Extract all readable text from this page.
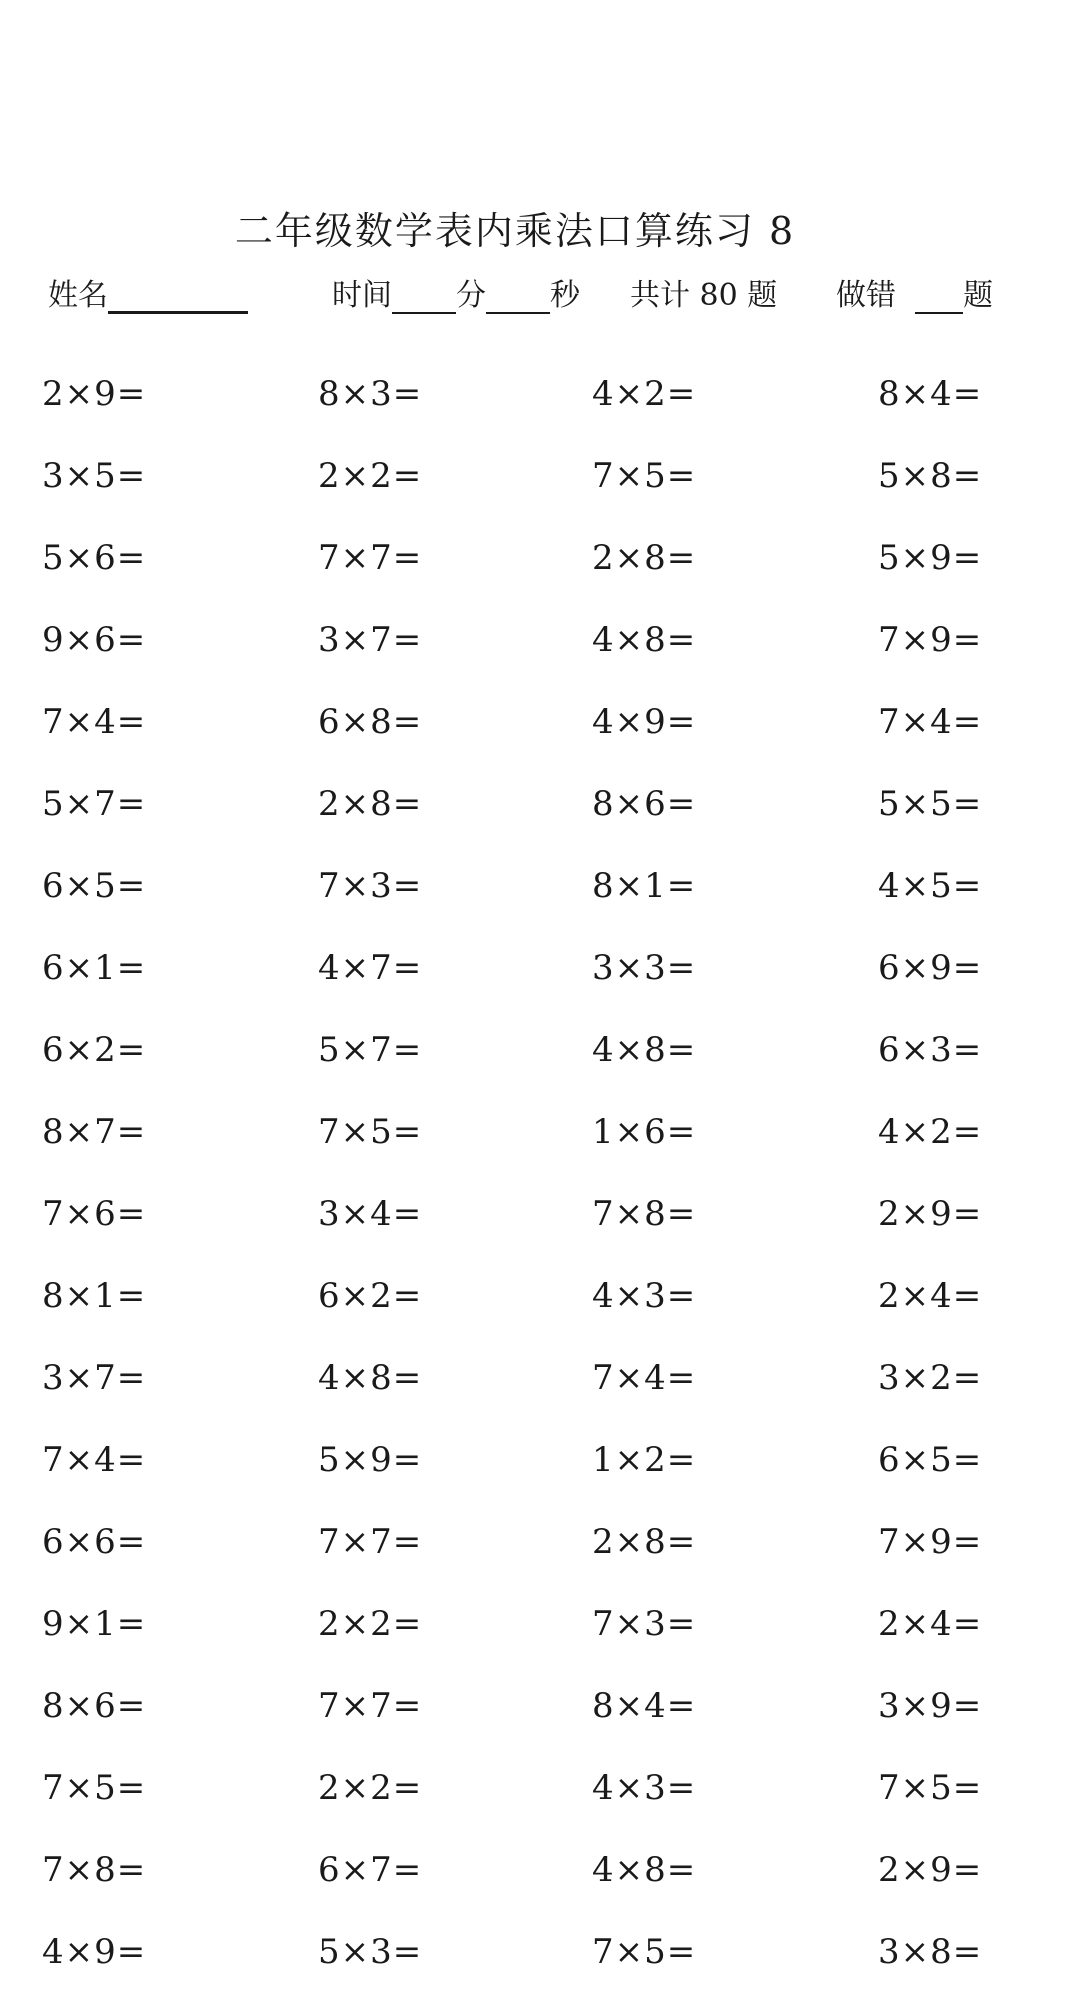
二年级数学表内乘法口算练习 8
姓名	时间 分 秒 共计 80 题 做错 题
2×9=	8×3=	4×2=	8×4=
3×5=	2×2=	7×5=	5×8=
5×6=	7×7=	2×8=	5×9=
9×6=	3×7=	4×8=	7×9=
7×4=	6×8=	4×9=	7×4=
5×7=	2×8=	8×6=	5×5=
6×5=	7×3=	8×1=	4×5=
6×1=	4×7=	3×3=	6×9=
6×2=	5×7=	4×8=	6×3=
8×7=	7×5=	1×6=	4×2=
7×6=	3×4=	7×8=	2×9=
8×1=	6×2=	4×3=	2×4=
3×7=	4×8=	7×4=	3×2=
7×4=	5×9=	1×2=	6×5=
6×6=	7×7=	2×8=	7×9=
9×1=	2×2=	7×3=	2×4=
8×6=	7×7=	8×4=	3×9=
7×5=	2×2=	4×3=	7×5=
7×8=	6×7=	4×8=	2×9=
4×9=	5×3=	7×5=	3×8=
